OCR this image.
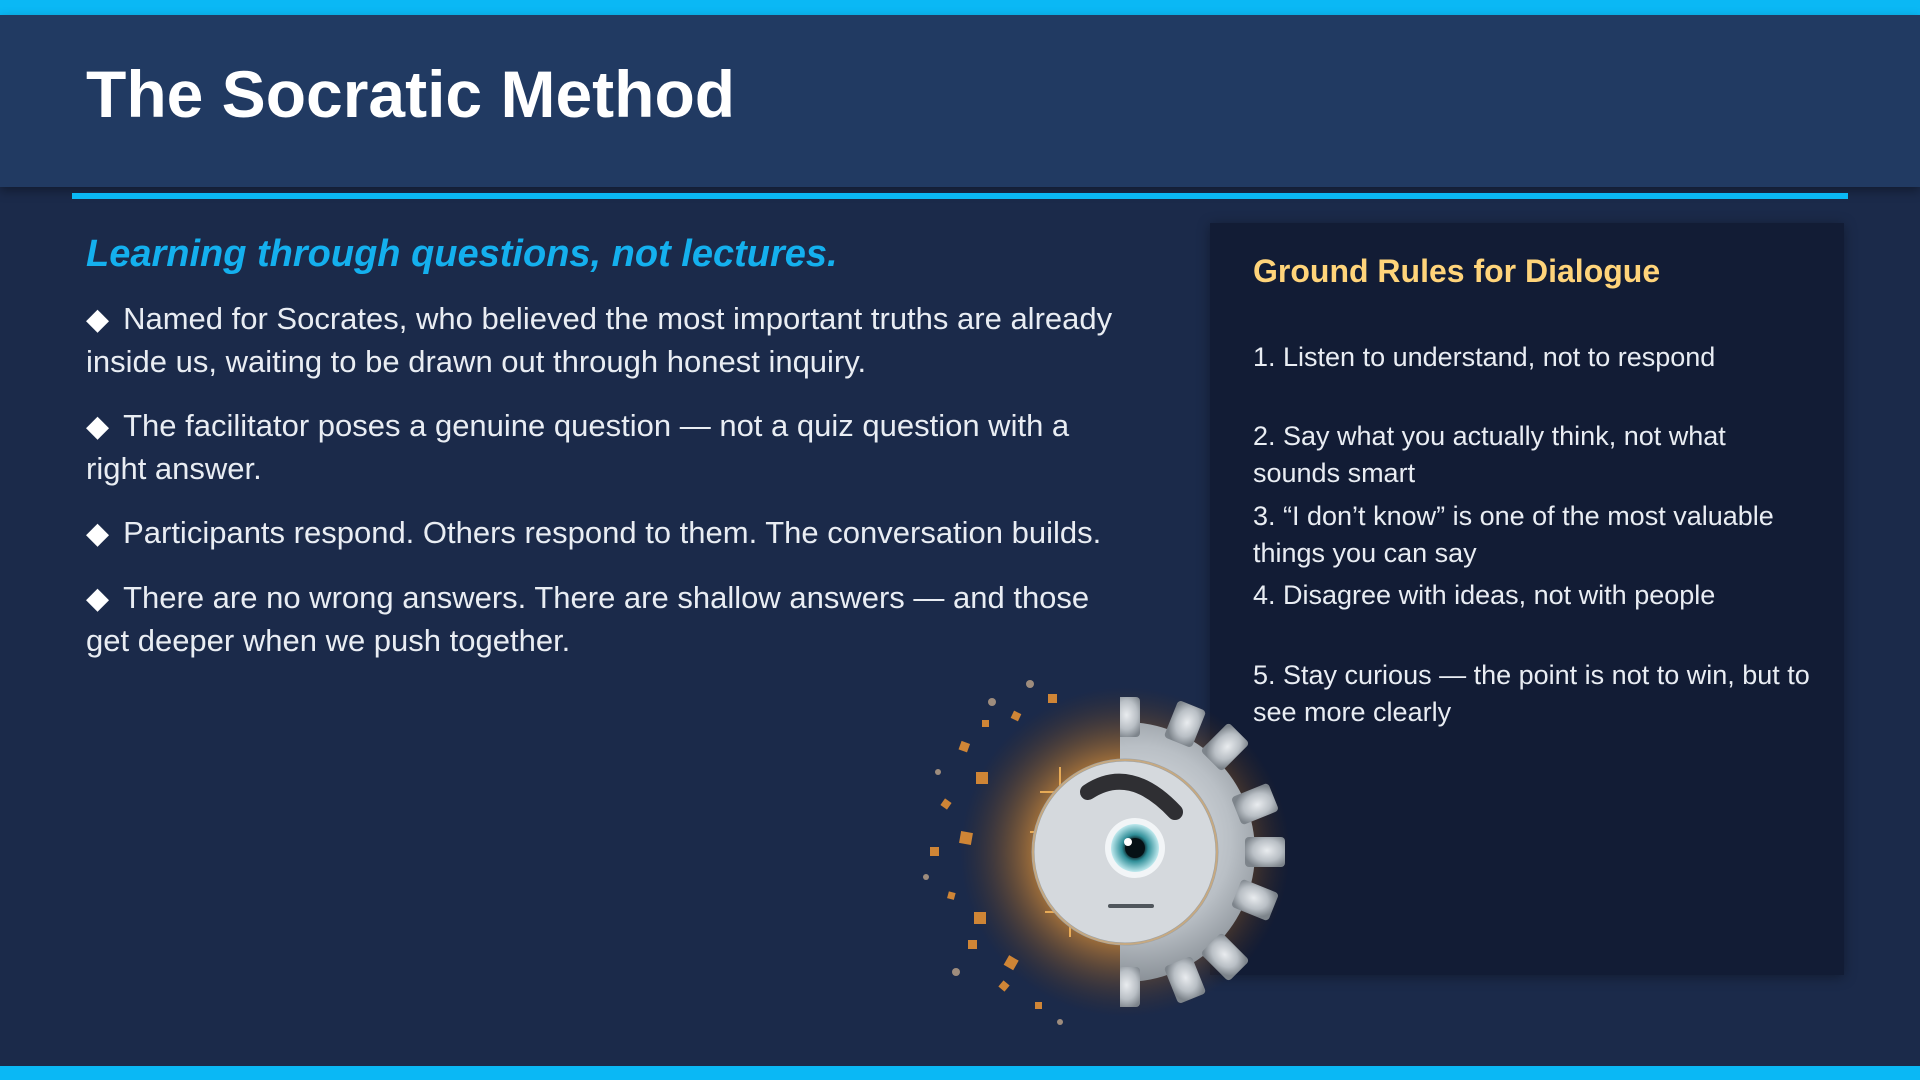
The Socratic Method

Learning through questions, not lectures.

◆ Named for Socrates, who believed the most important truths are already inside us, waiting to be drawn out through honest inquiry.

◆ The facilitator poses a genuine question — not a quiz question with a right answer.

◆ Participants respond. Others respond to them. The conversation builds.

◆ There are no wrong answers. There are shallow answers — and those get deeper when we push together.

Ground Rules for Dialogue
1. Listen to understand, not to respond
2. Say what you actually think, not what sounds smart
3. “I don’t know” is one of the most valuable things you can say
4. Disagree with ideas, not with people
5. Stay curious — the point is not to win, but to see more clearly
